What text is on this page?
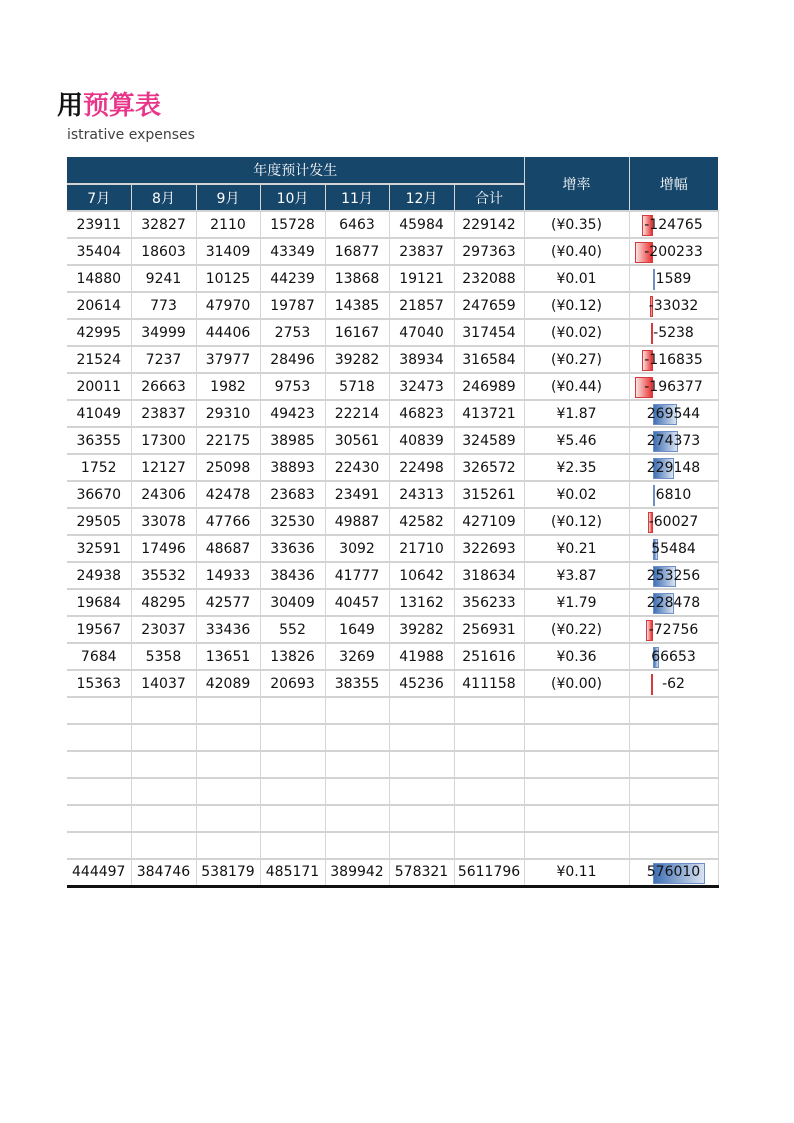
用预算表
istrative expenses
年度预计发生							增率	增幅
7月	8月	9月	10月	11月	12月	合计		
23911	32827	2110	15728	6463	45984	229142	(¥0.35)	-124765
35404	18603	31409	43349	16877	23837	297363	(¥0.40)	-200233
14880	9241	10125	44239	13868	19121	232088	¥0.01	1589
20614	773	47970	19787	14385	21857	247659	(¥0.12)	-33032
42995	34999	44406	2753	16167	47040	317454	(¥0.02)	-5238
21524	7237	37977	28496	39282	38934	316584	(¥0.27)	-116835
20011	26663	1982	9753	5718	32473	246989	(¥0.44)	-196377
41049	23837	29310	49423	22214	46823	413721	¥1.87	269544
36355	17300	22175	38985	30561	40839	324589	¥5.46	274373
1752	12127	25098	38893	22430	22498	326572	¥2.35	229148
36670	24306	42478	23683	23491	24313	315261	¥0.02	6810
29505	33078	47766	32530	49887	42582	427109	(¥0.12)	-60027
32591	17496	48687	33636	3092	21710	322693	¥0.21	55484
24938	35532	14933	38436	41777	10642	318634	¥3.87	253256
19684	48295	42577	30409	40457	13162	356233	¥1.79	228478
19567	23037	33436	552	1649	39282	256931	(¥0.22)	-72756
7684	5358	13651	13826	3269	41988	251616	¥0.36	66653
15363	14037	42089	20693	38355	45236	411158	(¥0.00)	-62

444497	384746	538179	485171	389942	578321	5611796	¥0.11	576010
